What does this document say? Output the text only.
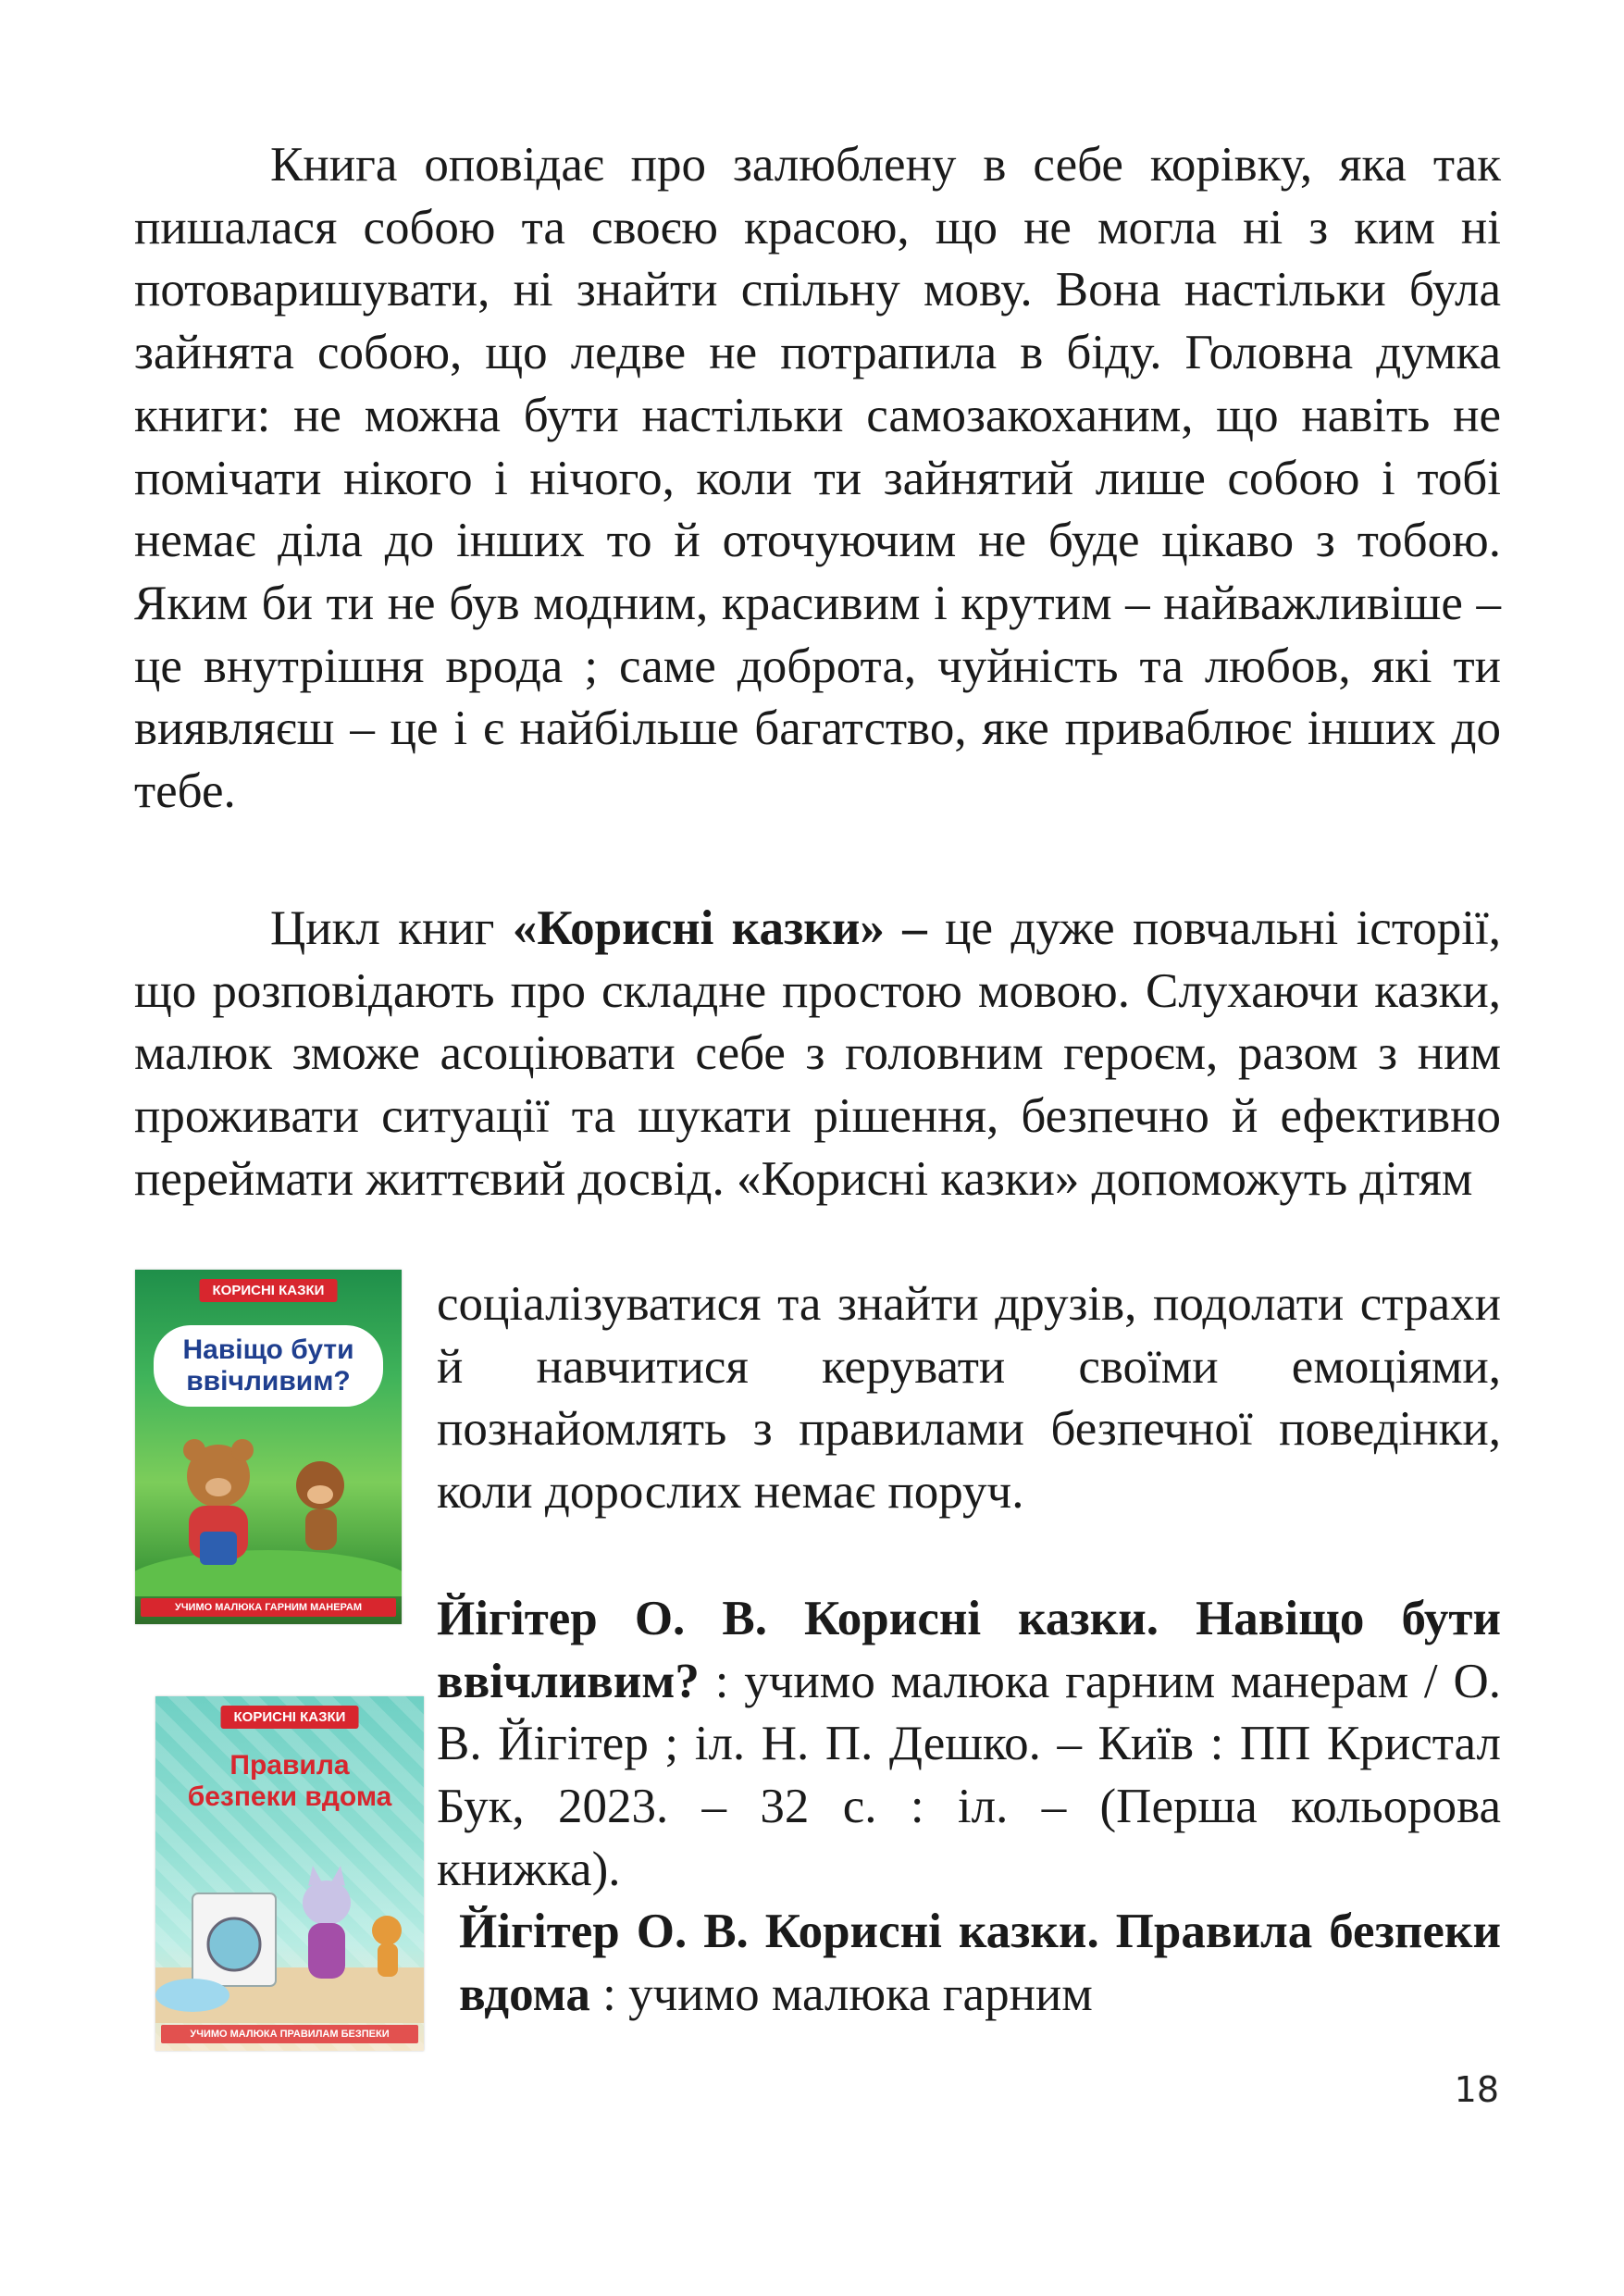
Книга оповідає про залюблену в себе корівку, яка так пишалася собою та своєю красою, що не могла ні з ким ні потоваришувати, ні знайти спільну мову. Вона настільки була зайнята собою, що ледве не потрапила в біду. Головна думка книги: не можна бути настільки самозакоханим, що навіть не помічати нікого і нічого, коли ти зайнятий лише собою і тобі немає діла до інших то й оточуючим не буде цікаво з тобою. Яким би ти не був модним, красивим і крутим – найважливіше – це внутрішня врода ; саме доброта, чуйність та любов, які ти виявляєш – це і є найбільше багатство, яке приваблює інших до тебе.

Цикл книг «Корисні казки» – це дуже повчальні історії, що розповідають про складне простою мовою. Слухаючи казки, малюк зможе асоціювати себе з головним героєм, разом з ним проживати ситуації та шукати рішення, безпечно й ефективно переймати життєвий досвід. «Корисні казки» допоможуть дітям

соціалізуватися та знайти друзів, подолати страхи й навчитися керувати своїми емоціями, познайомлять з правилами безпечної поведінки, коли дорослих немає поруч.

Йігітер О. В. Корисні казки. Навіщо бути ввічливим? : учимо малюка гарним манерам / О. В. Йігітер ; іл. Н. П. Дешко. – Київ : ПП Кристал Бук, 2023. – 32 с. : іл. – (Перша кольорова книжка).

Йігітер О. В. Корисні казки. Правила безпеки вдома : учимо малюка гарним

КОРИСНІ КАЗКИ
Навіщо бути ввічливим?
УЧИМО МАЛЮКА ГАРНИМ МАНЕРАМ
КОРИСНІ КАЗКИ
Правила безпеки вдома
УЧИМО МАЛЮКА ПРАВИЛАМ БЕЗПЕКИ
18
